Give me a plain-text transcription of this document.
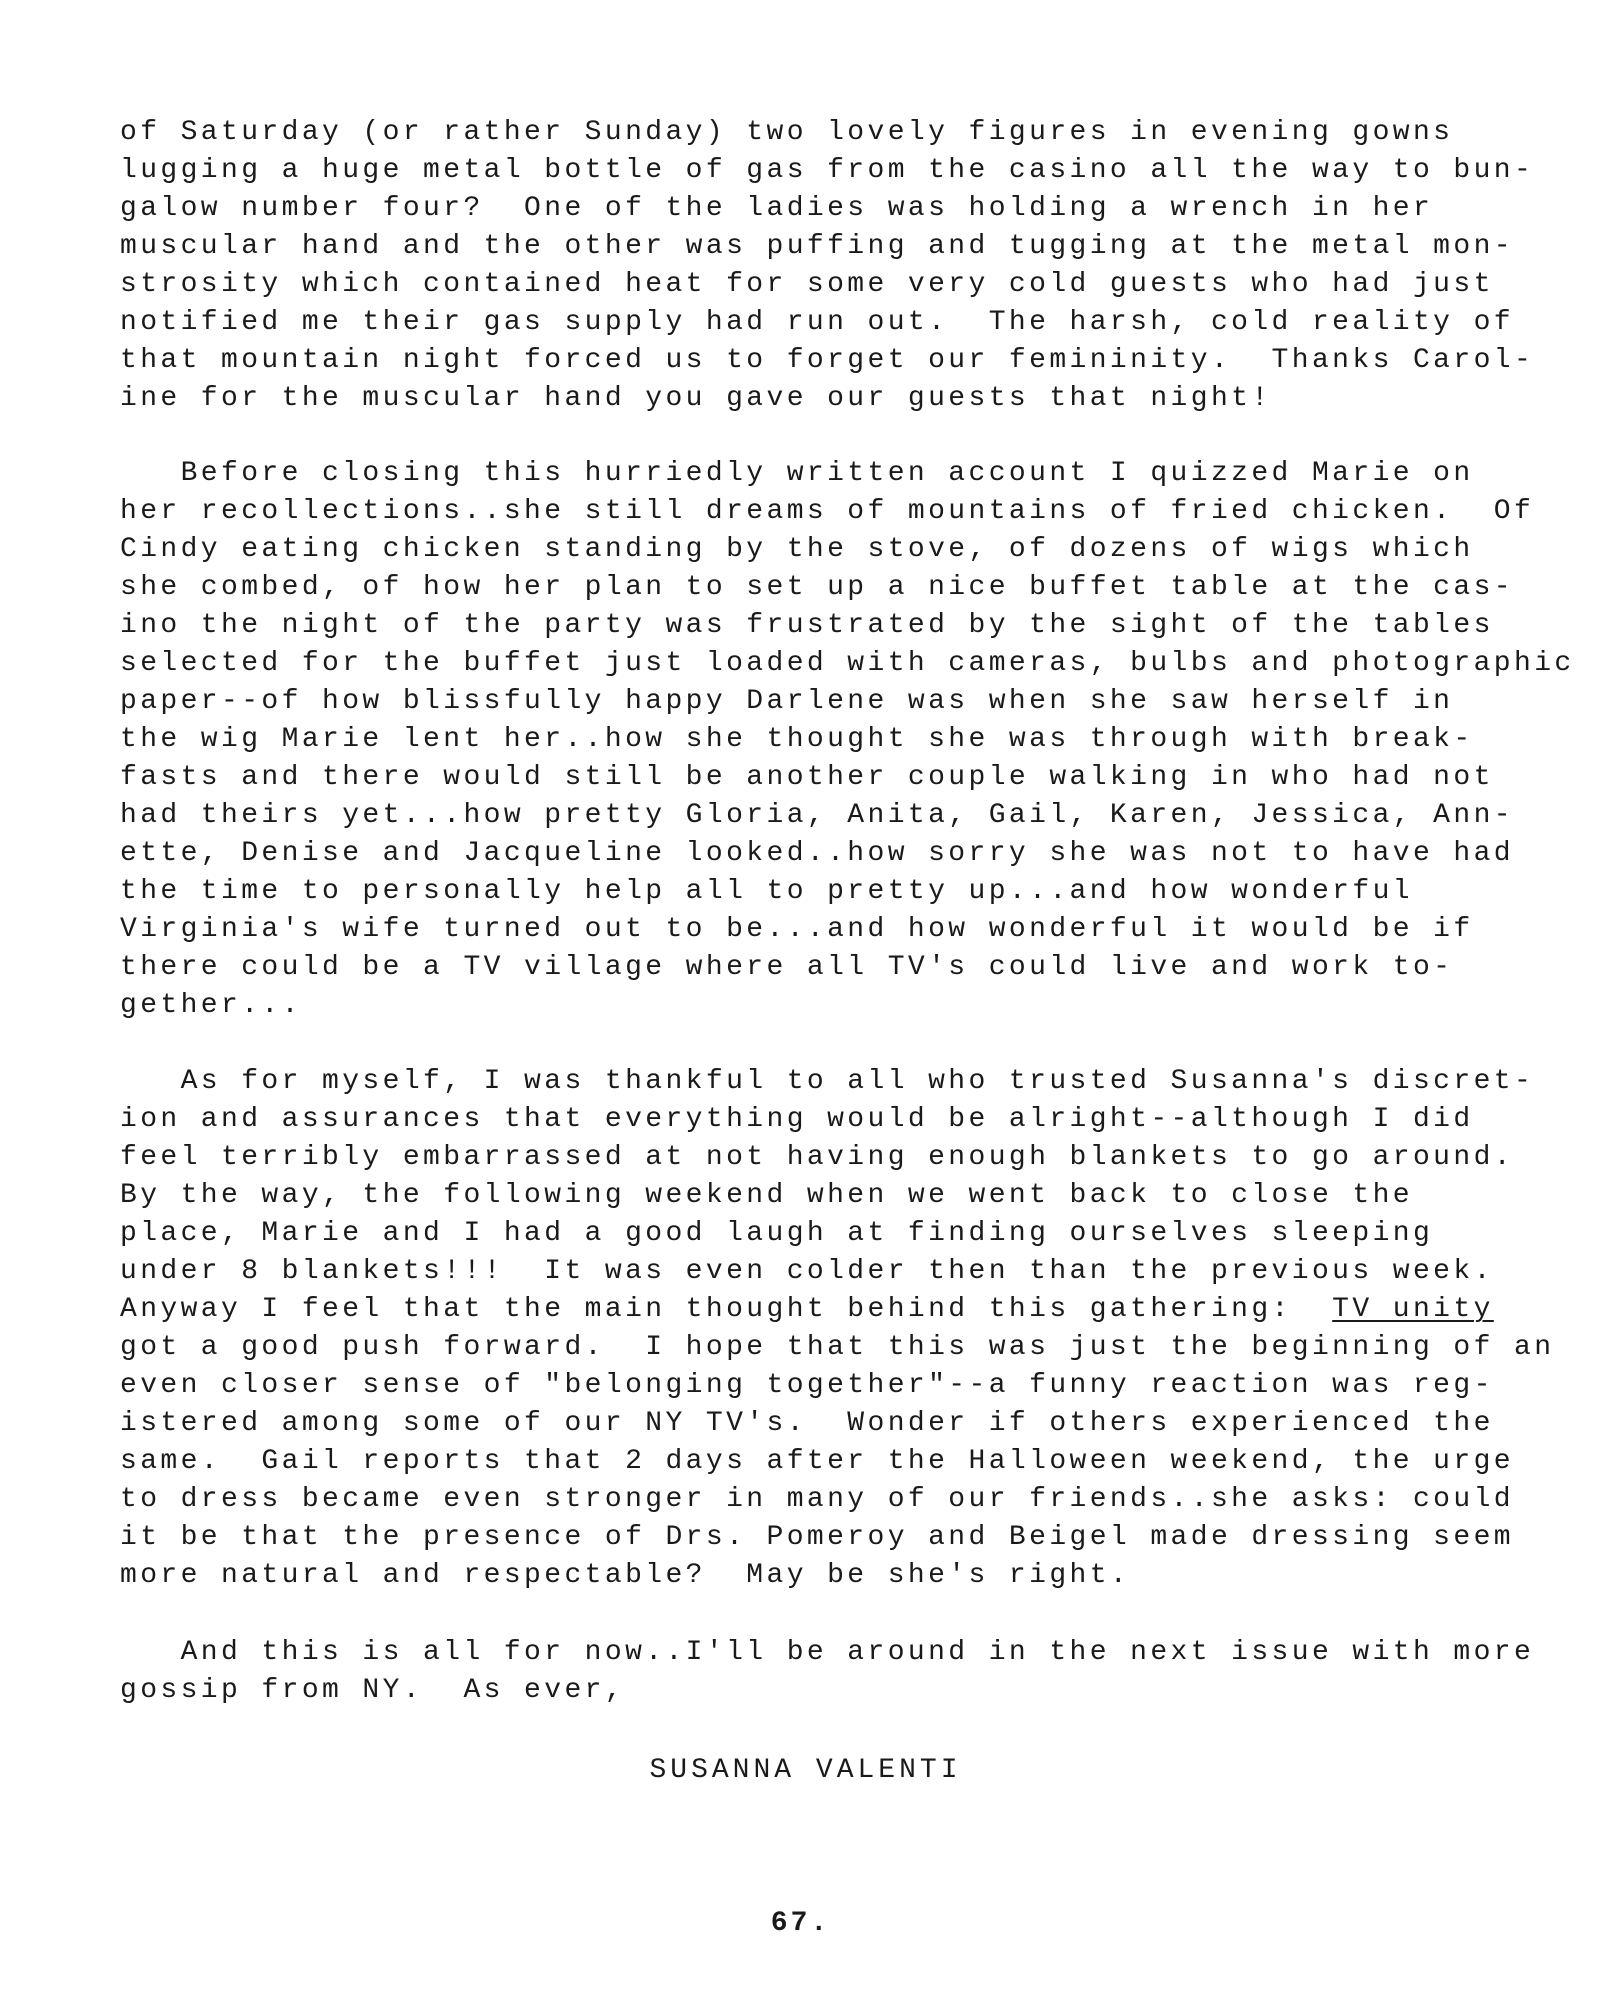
of Saturday (or rather Sunday) two lovely figures in evening gowns
lugging a huge metal bottle of gas from the casino all the way to bun-
galow number four?  One of the ladies was holding a wrench in her
muscular hand and the other was puffing and tugging at the metal mon-
strosity which contained heat for some very cold guests who had just
notified me their gas supply had run out.  The harsh, cold reality of
that mountain night forced us to forget our femininity.  Thanks Carol-
ine for the muscular hand you gave our guests that night!
Before closing this hurriedly written account I quizzed Marie on
her recollections..she still dreams of mountains of fried chicken.  Of
Cindy eating chicken standing by the stove, of dozens of wigs which
she combed, of how her plan to set up a nice buffet table at the cas-
ino the night of the party was frustrated by the sight of the tables
selected for the buffet just loaded with cameras, bulbs and photographic
paper--of how blissfully happy Darlene was when she saw herself in
the wig Marie lent her..how she thought she was through with break-
fasts and there would still be another couple walking in who had not
had theirs yet...how pretty Gloria, Anita, Gail, Karen, Jessica, Ann-
ette, Denise and Jacqueline looked..how sorry she was not to have had
the time to personally help all to pretty up...and how wonderful
Virginia's wife turned out to be...and how wonderful it would be if
there could be a TV village where all TV's could live and work to-
gether...
As for myself, I was thankful to all who trusted Susanna's discret-
ion and assurances that everything would be alright--although I did
feel terribly embarrassed at not having enough blankets to go around.
By the way, the following weekend when we went back to close the
place, Marie and I had a good laugh at finding ourselves sleeping
under 8 blankets!!!  It was even colder then than the previous week.
Anyway I feel that the main thought behind this gathering:  TV unity
got a good push forward.  I hope that this was just the beginning of an
even closer sense of "belonging together"--a funny reaction was reg-
istered among some of our NY TV's.  Wonder if others experienced the
same.  Gail reports that 2 days after the Halloween weekend, the urge
to dress became even stronger in many of our friends..she asks: could
it be that the presence of Drs. Pomeroy and Beigel made dressing seem
more natural and respectable?  May be she's right.
And this is all for now..I'll be around in the next issue with more
gossip from NY.  As ever,
SUSANNA VALENTI
67.
